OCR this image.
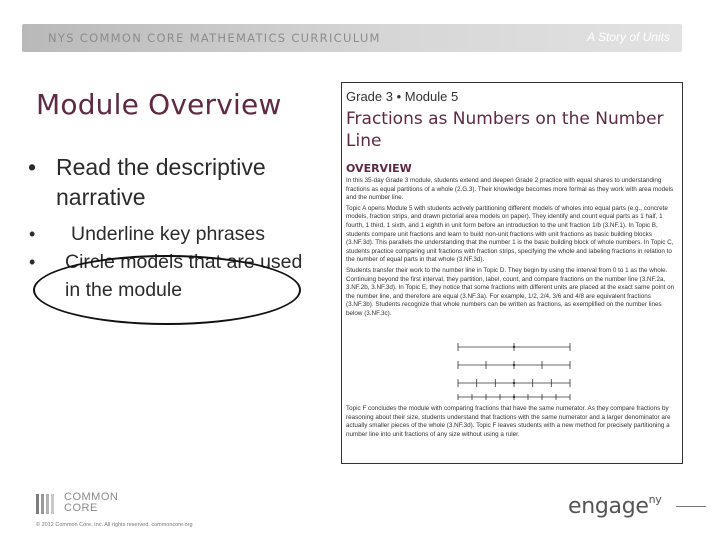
NYS COMMON CORE MATHEMATICS CURRICULUM	A Story of Units
Module Overview
• Read the descriptive narrative
• Underline key phrases
• Circle models that are used in the module
Grade 3 • Module 5
Fractions as Numbers on the Number Line
OVERVIEW

In this 35-day Grade 3 module, students extend and deepen Grade 2 practice with equal shares to understanding fractions as equal partitions of a whole (2.G.3). Their knowledge becomes more formal as they work with area models and the number line.

Topic A opens Module 5 with students actively partitioning different models of wholes into equal parts (e.g., concrete models, fraction strips, and drawn pictorial area models on paper). They identify and count equal parts as 1 half, 1 fourth, 1 third, 1 sixth, and 1 eighth in unit form before an introduction to the unit fraction 1/b (3.NF.1). In Topic B, students compare unit fractions and learn to build non-unit fractions with unit fractions as basic building blocks (3.NF.3d). This parallels the understanding that the number 1 is the basic building block of whole numbers. In Topic C, students practice comparing unit fractions with fraction strips, specifying the whole and labeling fractions in relation to the number of equal parts in that whole (3.NF.3d).

Students transfer their work to the number line in Topic D. They begin by using the interval from 0 to 1 as the whole. Continuing beyond the first interval, they partition, label, count, and compare fractions on the number line (3.NF.2a, 3.NF.2b, 3.NF.3d). In Topic E, they notice that some fractions with different units are placed at the exact same point on the number line, and therefore are equal (3.NF.3a). For example, 1/2, 2/4, 3/6 and 4/8 are equivalent fractions (3.NF.3b). Students recognize that whole numbers can be written as fractions, as exemplified on the number lines below (3.NF.3c).

Topic F concludes the module with comparing fractions that have the same numerator. As they compare fractions by reasoning about their size, students understand that fractions with the same numerator and a larger denominator are actually smaller pieces of the whole (3.NF.3d). Topic F leaves students with a new method for precisely partitioning a number line into unit fractions of any size without using a ruler.
COMMON
CORE
© 2012 Common Core, Inc. All rights reserved. commoncore.org
engage$^{ny}$
